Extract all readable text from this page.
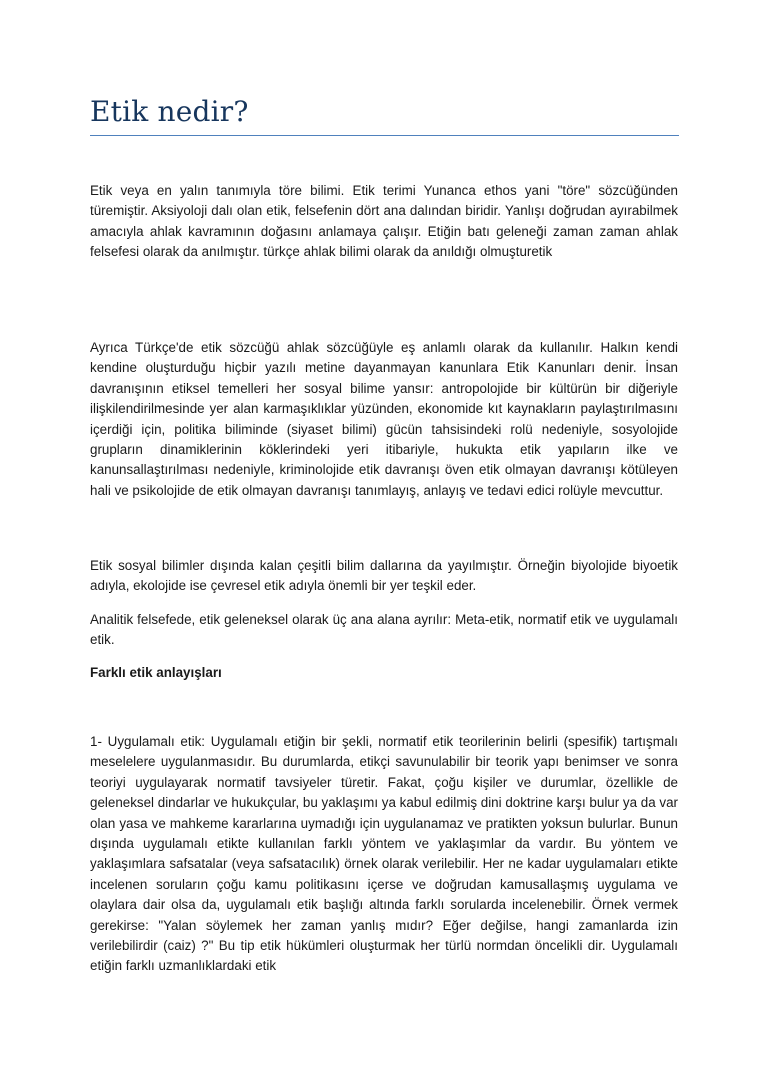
Etik nedir?

Etik veya en yalın tanımıyla töre bilimi. Etik terimi Yunanca ethos yani "töre" sözcüğünden türemiştir. Aksiyoloji dalı olan etik, felsefenin dört ana dalından biridir. Yanlışı doğrudan ayırabilmek amacıyla ahlak kavramının doğasını anlamaya çalışır. Etiğin batı geleneği zaman zaman ahlak felsefesi olarak da anılmıştır. türkçe ahlak bilimi olarak da anıldığı olmuşturetik

Ayrıca Türkçe'de etik sözcüğü ahlak sözcüğüyle eş anlamlı olarak da kullanılır. Halkın kendi kendine oluşturduğu hiçbir yazılı metine dayanmayan kanunlara Etik Kanunları denir. İnsan davranışının etiksel temelleri her sosyal bilime yansır: antropolojide bir kültürün bir diğeriyle ilişkilendirilmesinde yer alan karmaşıklıklar yüzünden, ekonomide kıt kaynakların paylaştırılmasını içerdiği için, politika biliminde (siyaset bilimi) gücün tahsisindeki rolü nedeniyle, sosyolojide grupların dinamiklerinin köklerindeki yeri itibariyle, hukukta etik yapıların ilke ve kanunsallaştırılması nedeniyle, kriminolojide etik davranışı öven etik olmayan davranışı kötüleyen hali ve psikolojide de etik olmayan davranışı tanımlayış, anlayış ve tedavi edici rolüyle mevcuttur.

Etik sosyal bilimler dışında kalan çeşitli bilim dallarına da yayılmıştır. Örneğin biyolojide biyoetik adıyla, ekolojide ise çevresel etik adıyla önemli bir yer teşkil eder.

Analitik felsefede, etik geleneksel olarak üç ana alana ayrılır: Meta-etik, normatif etik ve uygulamalı etik.

Farklı etik anlayışları

1- Uygulamalı etik: Uygulamalı etiğin bir şekli, normatif etik teorilerinin belirli (spesifik) tartışmalı meselelere uygulanmasıdır. Bu durumlarda, etikçi savunulabilir bir teorik yapı benimser ve sonra teoriyi uygulayarak normatif tavsiyeler türetir. Fakat, çoğu kişiler ve durumlar, özellikle de geleneksel dindarlar ve hukukçular, bu yaklaşımı ya kabul edilmiş dini doktrine karşı bulur ya da var olan yasa ve mahkeme kararlarına uymadığı için uygulanamaz ve pratikten yoksun bulurlar. Bunun dışında uygulamalı etikte kullanılan farklı yöntem ve yaklaşımlar da vardır. Bu yöntem ve yaklaşımlara safsatalar (veya safsatacılık) örnek olarak verilebilir. Her ne kadar uygulamaları etikte incelenen soruların çoğu kamu politikasını içerse ve doğrudan kamusallaşmış uygulama ve olaylara dair olsa da, uygulamalı etik başlığı altında farklı sorularda incelenebilir. Örnek vermek gerekirse: "Yalan söylemek her zaman yanlış mıdır? Eğer değilse, hangi zamanlarda izin verilebilirdir (caiz) ?" Bu tip etik hükümleri oluşturmak her türlü normdan öncelikli dir. Uygulamalı etiğin farklı uzmanlıklardaki etik
